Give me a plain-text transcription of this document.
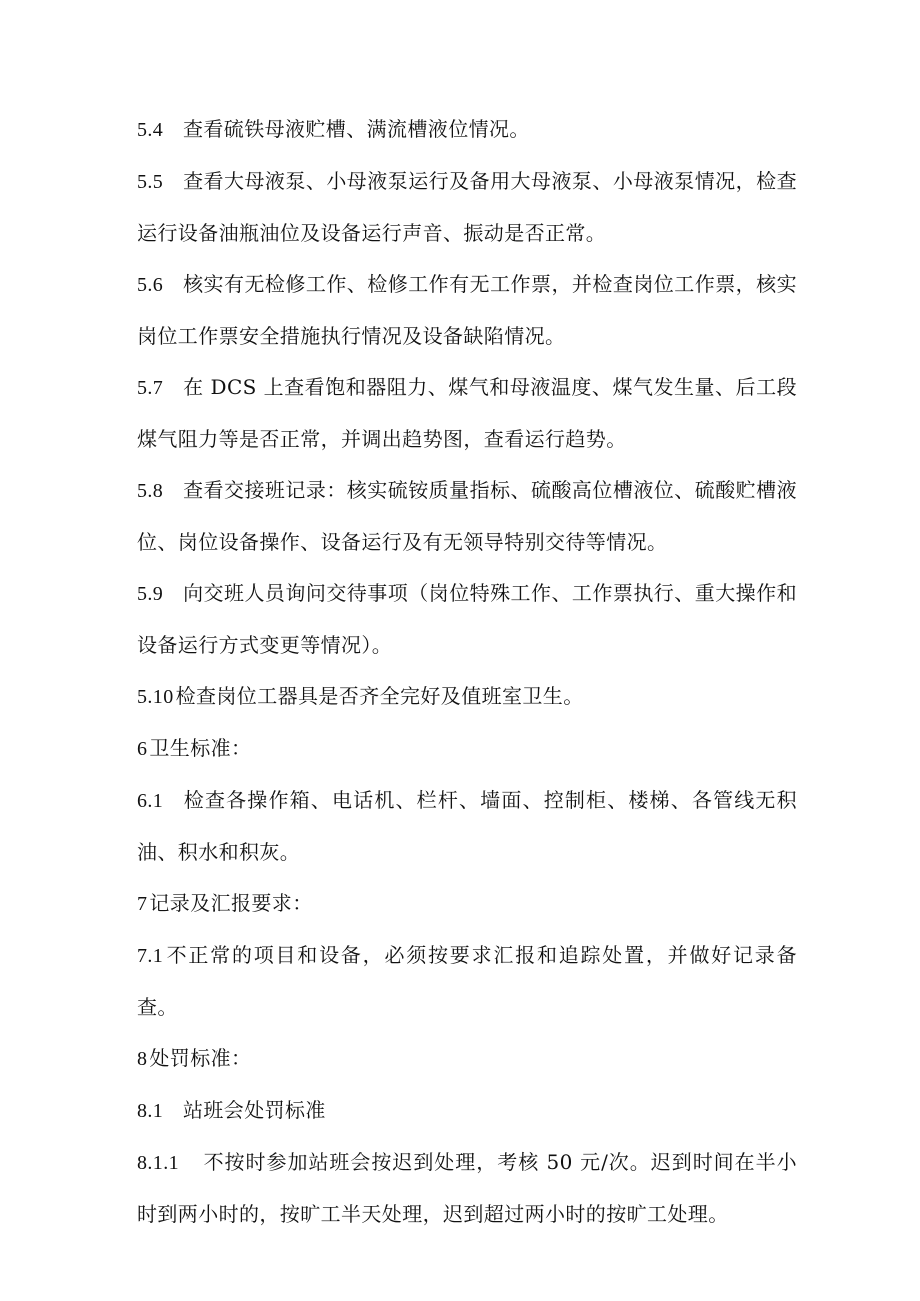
5.4 查看硫铁母液贮槽、满流槽液位情况。

5.5 查看大母液泵、小母液泵运行及备用大母液泵、小母液泵情况，检查运行设备油瓶油位及设备运行声音、振动是否正常。

5.6 核实有无检修工作、检修工作有无工作票，并检查岗位工作票，核实岗位工作票安全措施执行情况及设备缺陷情况。

5.7 在 DCS 上查看饱和器阻力、煤气和母液温度、煤气发生量、后工段煤气阻力等是否正常，并调出趋势图，查看运行趋势。

5.8 查看交接班记录：核实硫铵质量指标、硫酸高位槽液位、硫酸贮槽液位、岗位设备操作、设备运行及有无领导特别交待等情况。

5.9 向交班人员询问交待事项（岗位特殊工作、工作票执行、重大操作和设备运行方式变更等情况）。

5.10 检查岗位工器具是否齐全完好及值班室卫生。

6 卫生标准：

6.1 检查各操作箱、电话机、栏杆、墙面、控制柜、楼梯、各管线无积油、积水和积灰。

7 记录及汇报要求：

7.1 不正常的项目和设备，必须按要求汇报和追踪处置，并做好记录备查。

8 处罚标准：

8.1 站班会处罚标准

8.1.1 不按时参加站班会按迟到处理，考核 50 元/次。迟到时间在半小时到两小时的，按旷工半天处理，迟到超过两小时的按旷工处理。
